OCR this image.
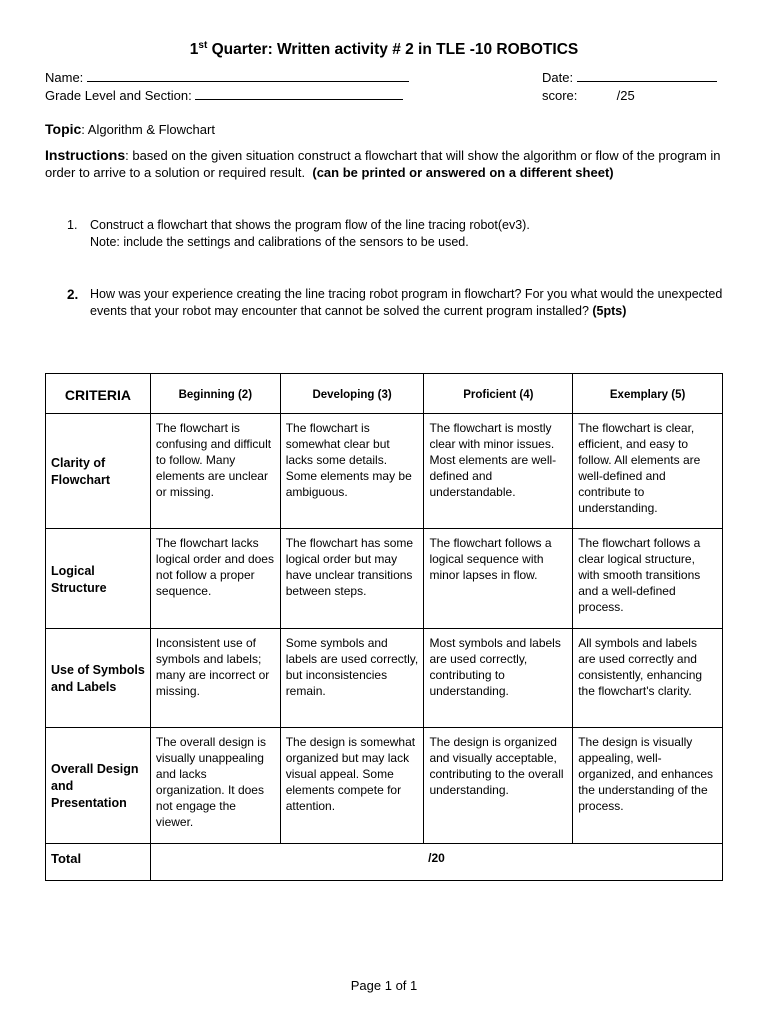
1st Quarter: Written activity # 2 in TLE -10 ROBOTICS
Name:	Date:
Grade Level and Section:	score:	/25
Topic: Algorithm & Flowchart
Instructions: based on the given situation construct a flowchart that will show the algorithm or flow of the program in order to arrive to a solution or required result. (can be printed or answered on a different sheet)
1.	Construct a flowchart that shows the program flow of the line tracing robot(ev3).
Note: include the settings and calibrations of the sensors to be used.
2. How was your experience creating the line tracing robot program in flowchart? For you what would the unexpected events that your robot may encounter that cannot be solved the current program installed? (5pts)
CRITERIA	Beginning (2)	Developing (3)	Proficient (4)	Exemplary (5)
Clarity of Flowchart	The flowchart is confusing and difficult to follow. Many elements are unclear or missing.	The flowchart is somewhat clear but lacks some details. Some elements may be ambiguous.	The flowchart is mostly clear with minor issues. Most elements are well-defined and understandable.	The flowchart is clear, efficient, and easy to follow. All elements are well-defined and contribute to understanding.
Logical Structure	The flowchart lacks logical order and does not follow a proper sequence.	The flowchart has some logical order but may have unclear transitions between steps.	The flowchart follows a logical sequence with minor lapses in flow.	The flowchart follows a clear logical structure, with smooth transitions and a well-defined process.
Use of Symbols and Labels	Inconsistent use of symbols and labels; many are incorrect or missing.	Some symbols and labels are used correctly, but inconsistencies remain.	Most symbols and labels are used correctly, contributing to understanding.	All symbols and labels are used correctly and consistently, enhancing the flowchart's clarity.
Overall Design and Presentation	The overall design is visually unappealing and lacks organization. It does not engage the viewer.	The design is somewhat organized but may lack visual appeal. Some elements compete for attention.	The design is organized and visually acceptable, contributing to the overall understanding.	The design is visually appealing, well-organized, and enhances the understanding of the process.
Total	/20			
Page 1 of 1
